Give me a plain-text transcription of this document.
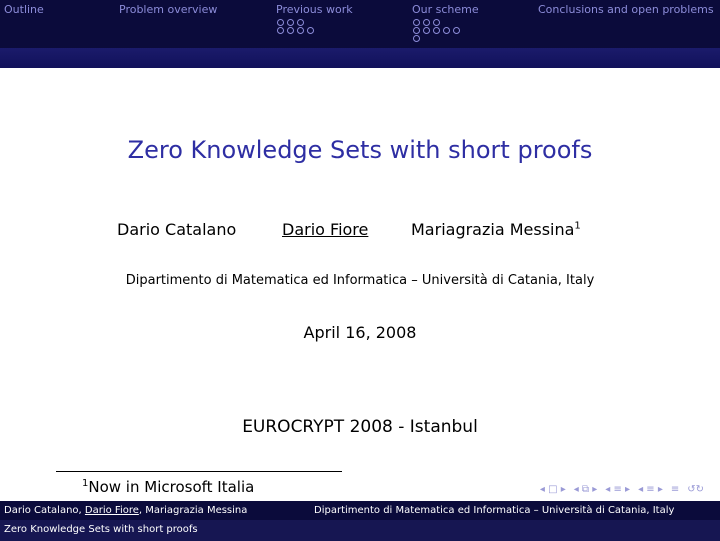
Outline	Problem overview	Previous work	Our scheme	Conclusions and open problems
Zero Knowledge Sets with short proofs
Dario Catalano	Dario Fiore	Mariagrazia Messina$^1$
Dipartimento di Matematica ed Informatica – Università di Catania, Italy
April 16, 2008
EUROCRYPT 2008 - Istanbul
$^1$Now in Microsoft Italia	◂ □ ▸ ◂ ⧉ ▸ ◂ ≡ ▸ ◂ ≡ ▸ ≡ ↺↻
Dario Catalano, Dario Fiore, Mariagrazia Messina	Dipartimento di Matematica ed Informatica – Università di Catania, Italy
Zero Knowledge Sets with short proofs
